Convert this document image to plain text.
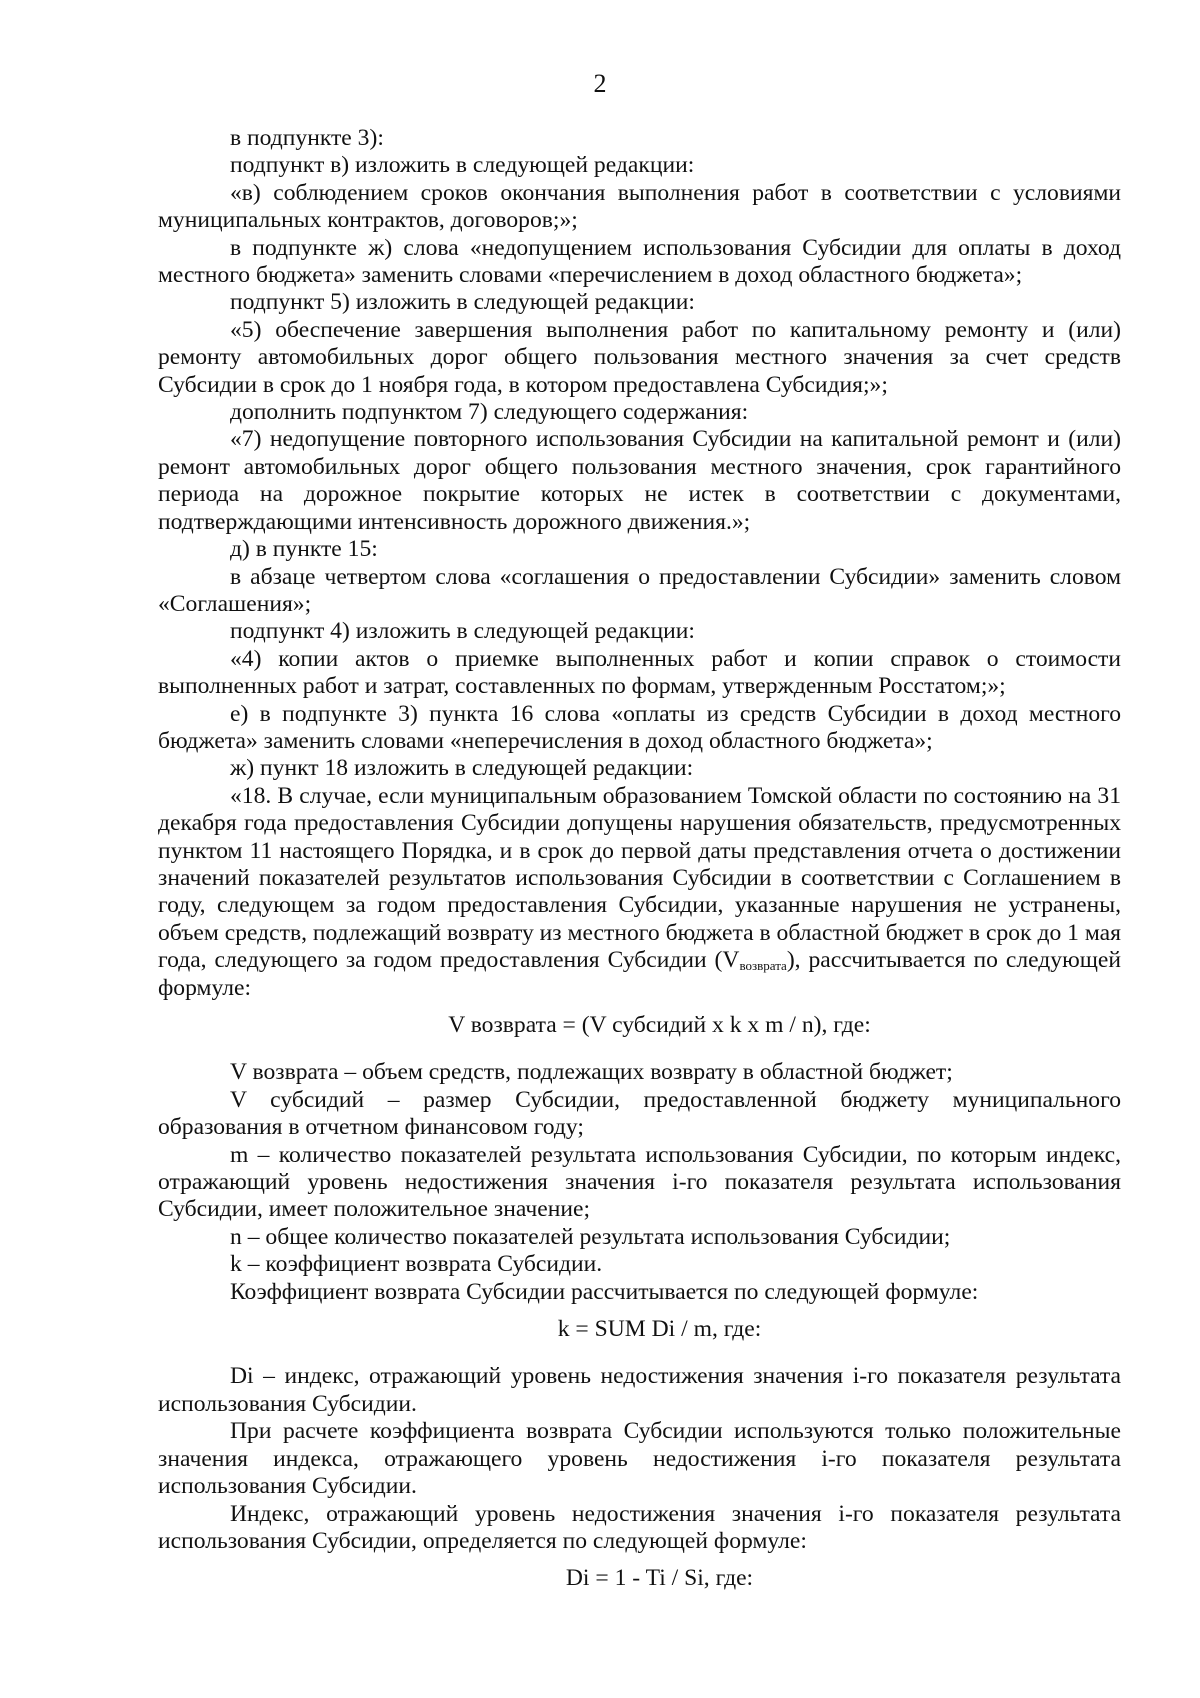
2

в подпункте 3):

подпункт в) изложить в следующей редакции:

«в) соблюдением сроков окончания выполнения работ в соответствии с условиями муниципальных контрактов, договоров;»;

в подпункте ж) слова «недопущением использования Субсидии для оплаты в доход местного бюджета» заменить словами «перечислением в доход областного бюджета»;

подпункт 5) изложить в следующей редакции:

«5) обеспечение завершения выполнения работ по капитальному ремонту и (или) ремонту автомобильных дорог общего пользования местного значения за счет средств Субсидии в срок до 1 ноября года, в котором предоставлена Субсидия;»;

дополнить подпунктом 7) следующего содержания:

«7) недопущение повторного использования Субсидии на капитальной ремонт и (или) ремонт автомобильных дорог общего пользования местного значения, срок гарантийного периода на дорожное покрытие которых не истек в соответствии с документами, подтверждающими интенсивность дорожного движения.»;

д) в пункте 15:

в абзаце четвертом слова «соглашения о предоставлении Субсидии» заменить словом «Соглашения»;

подпункт 4) изложить в следующей редакции:

«4) копии актов о приемке выполненных работ и копии справок о стоимости выполненных работ и затрат, составленных по формам, утвержденным Росстатом;»;

е) в подпункте 3) пункта 16 слова «оплаты из средств Субсидии в доход местного бюджета» заменить словами «неперечисления в доход областного бюджета»;

ж) пункт 18 изложить в следующей редакции:

«18. В случае, если муниципальным образованием Томской области по состоянию на 31 декабря года предоставления Субсидии допущены нарушения обязательств, предусмотренных пунктом 11 настоящего Порядка, и в срок до первой даты представления отчета о достижении значений показателей результатов использования Субсидии в соответствии с Соглашением в году, следующем за годом предоставления Субсидии, указанные нарушения не устранены, объем средств, подлежащий возврату из местного бюджета в областной бюджет в срок до 1 мая года, следующего за годом предоставления Субсидии $(V_{возврата})$, рассчитывается по следующей формуле:

V возврата = (V субсидий x k x m / n), где:

V возврата – объем средств, подлежащих возврату в областной бюджет;

V субсидий – размер Субсидии, предоставленной бюджету муниципального образования в отчетном финансовом году;

m – количество показателей результата использования Субсидии, по которым индекс, отражающий уровень недостижения значения i-го показателя результата использования Субсидии, имеет положительное значение;

n – общее количество показателей результата использования Субсидии;

k – коэффициент возврата Субсидии.

Коэффициент возврата Субсидии рассчитывается по следующей формуле:

k = SUM Di / m, где:

Di – индекс, отражающий уровень недостижения значения i-го показателя результата использования Субсидии.

При расчете коэффициента возврата Субсидии используются только положительные значения индекса, отражающего уровень недостижения i-го показателя результата использования Субсидии.

Индекс, отражающий уровень недостижения значения i-го показателя результата использования Субсидии, определяется по следующей формуле:

Di = 1 - Ti / Si, где:
